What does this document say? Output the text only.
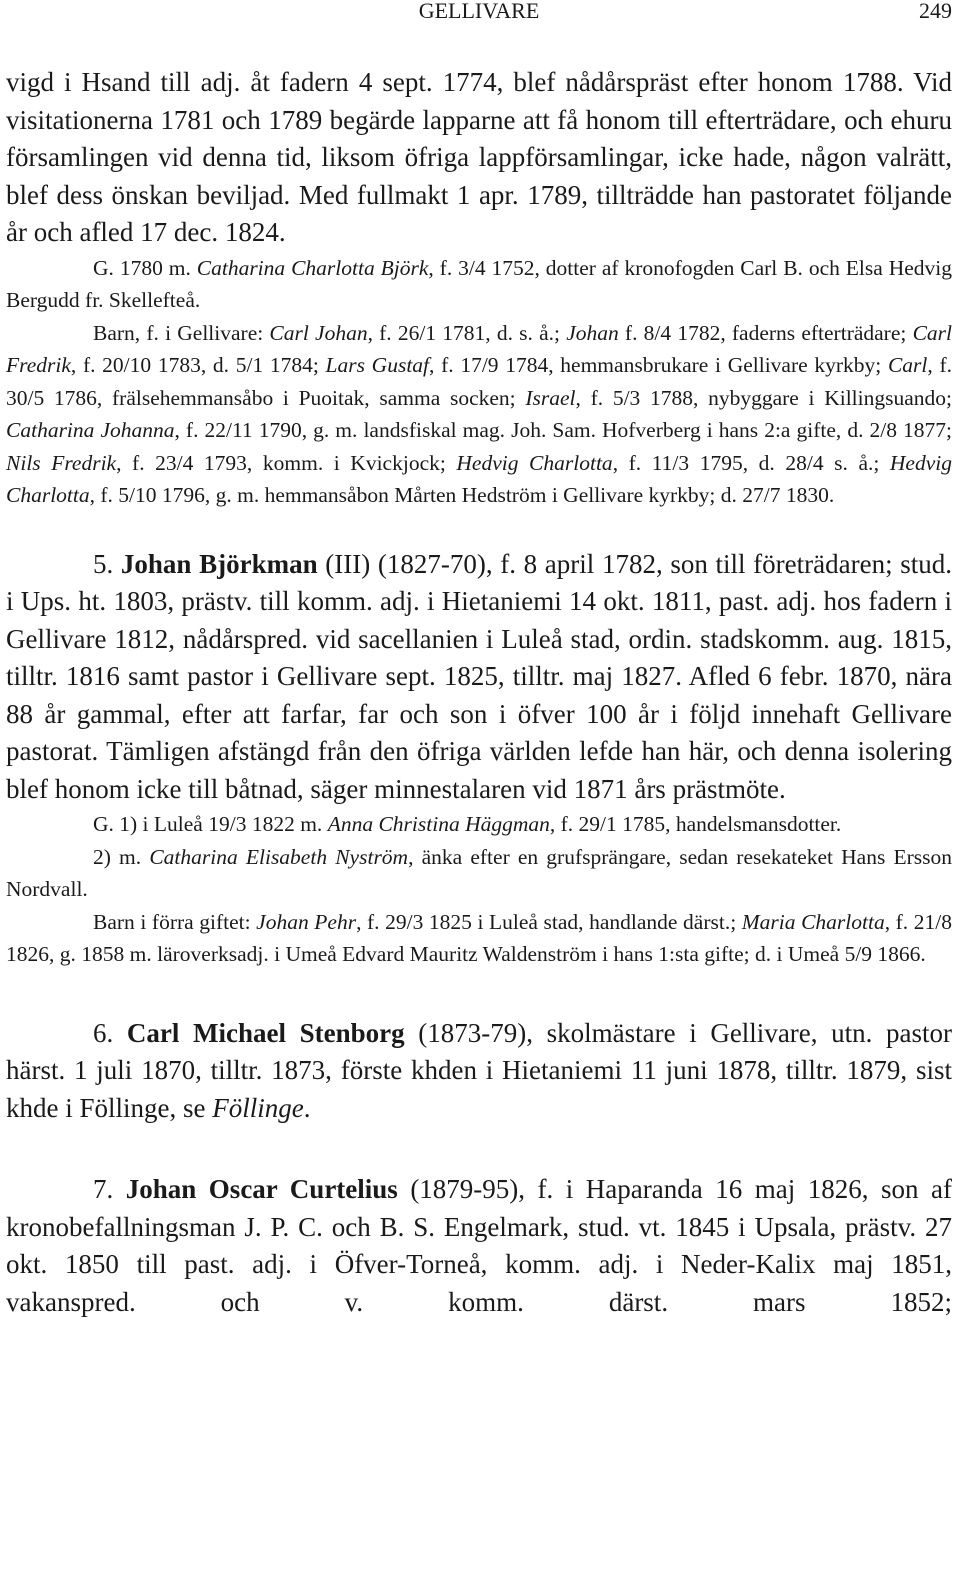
GELLIVARE	249

vigd i Hsand till adj. åt fadern 4 sept. 1774, blef nådårspräst efter honom 1788. Vid visitationerna 1781 och 1789 begärde lapparne att få honom till efterträdare, och ehuru församlingen vid denna tid, liksom öfriga lappförsamlingar, icke hade, någon valrätt, blef dess önskan beviljad. Med fullmakt 1 apr. 1789, tillträdde han pastoratet följande år och afled 17 dec. 1824.

G. 1780 m. Catharina Charlotta Björk, f. 3/4 1752, dotter af kronofogden Carl B. och Elsa Hedvig Bergudd fr. Skellefteå.

Barn, f. i Gellivare: Carl Johan, f. 26/1 1781, d. s. å.; Johan f. 8/4 1782, faderns efterträdare; Carl Fredrik, f. 20/10 1783, d. 5/1 1784; Lars Gustaf, f. 17/9 1784, hemmansbrukare i Gellivare kyrkby; Carl, f. 30/5 1786, frälsehemmansåbo i Puoitak, samma socken; Israel, f. 5/3 1788, nybyggare i Killingsuando; Catharina Johanna, f. 22/11 1790, g. m. landsfiskal mag. Joh. Sam. Hofverberg i hans 2:a gifte, d. 2/8 1877; Nils Fredrik, f. 23/4 1793, komm. i Kvickjock; Hedvig Charlotta, f. 11/3 1795, d. 28/4 s. å.; Hedvig Charlotta, f. 5/10 1796, g. m. hemmansåbon Mårten Hedström i Gellivare kyrkby; d. 27/7 1830.

5. Johan Björkman (III) (1827-70), f. 8 april 1782, son till företrädaren; stud. i Ups. ht. 1803, prästv. till komm. adj. i Hietaniemi 14 okt. 1811, past. adj. hos fadern i Gellivare 1812, nådårspred. vid sacellanien i Luleå stad, ordin. stadskomm. aug. 1815, tilltr. 1816 samt pastor i Gellivare sept. 1825, tilltr. maj 1827. Afled 6 febr. 1870, nära 88 år gammal, efter att farfar, far och son i öfver 100 år i följd innehaft Gellivare pastorat. Tämligen afstängd från den öfriga världen lefde han här, och denna isolering blef honom icke till båtnad, säger minnestalaren vid 1871 års prästmöte.

G. 1) i Luleå 19/3 1822 m. Anna Christina Häggman, f. 29/1 1785, handelsmansdotter.

2) m. Catharina Elisabeth Nyström, änka efter en grufsprängare, sedan resekateket Hans Ersson Nordvall.

Barn i förra giftet: Johan Pehr, f. 29/3 1825 i Luleå stad, handlande därst.; Maria Charlotta, f. 21/8 1826, g. 1858 m. läroverksadj. i Umeå Edvard Mauritz Waldenström i hans 1:sta gifte; d. i Umeå 5/9 1866.

6. Carl Michael Stenborg (1873-79), skolmästare i Gellivare, utn. pastor härst. 1 juli 1870, tilltr. 1873, förste khden i Hietaniemi 11 juni 1878, tilltr. 1879, sist khde i Föllinge, se Föllinge.

7. Johan Oscar Curtelius (1879-95), f. i Haparanda 16 maj 1826, son af kronobefallningsman J. P. C. och B. S. Engelmark, stud. vt. 1845 i Upsala, prästv. 27 okt. 1850 till past. adj. i Öfver-Torneå, komm. adj. i Neder-Kalix maj 1851, vakanspred. och v. komm. därst. mars 1852;
